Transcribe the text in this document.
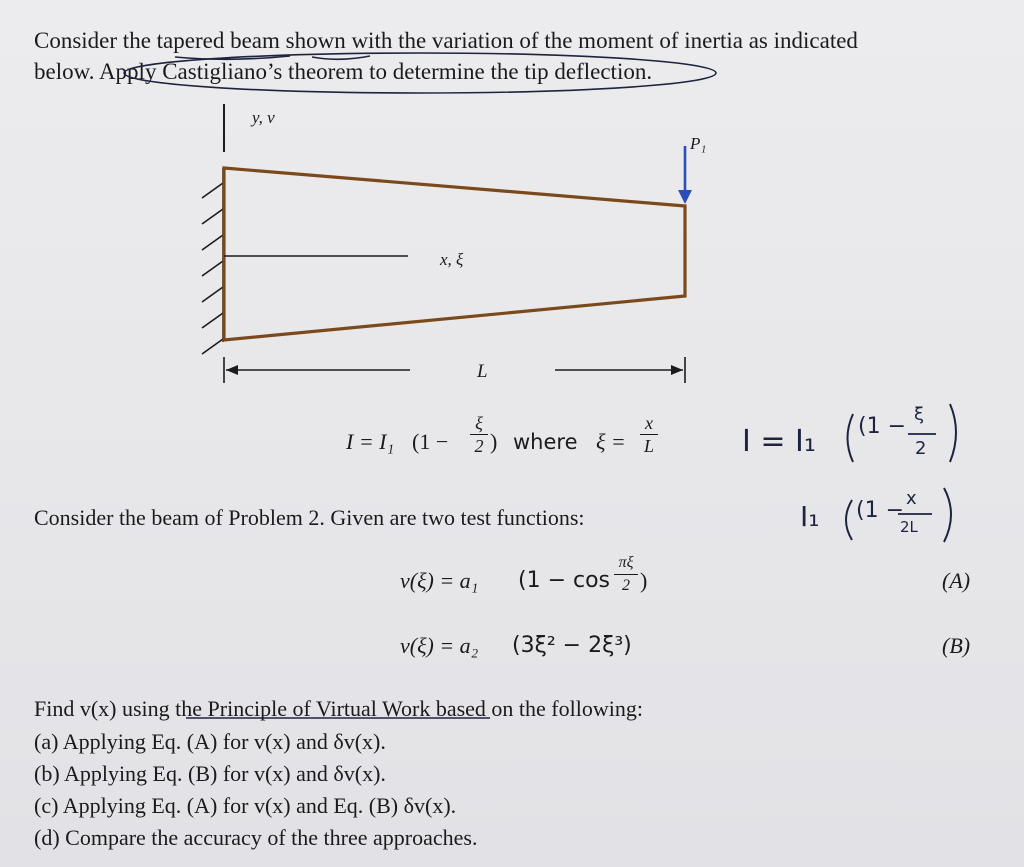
Consider the tapered beam shown with the variation of the moment of inertia as indicated
below. Apply Castigliano’s theorem to determine the tip deflection.
y, v
P₁
x, ξ
L
I = I₁ (1 −
ξ
2 ) where ξ =
x
L	I = I₁ (1 − ξ
2
I₁ (1 − x
2L
Consider the beam of Problem 2. Given are two test functions:
v(ξ) = a₁ (1 − cos
πξ
2 )	(A)
v(ξ) = a₂ (3ξ² − 2ξ³)	(B)
Find v(x) using the Principle of Virtual Work based on the following:
(a) Applying Eq. (A) for v(x) and δv(x).
(b) Applying Eq. (B) for v(x) and δv(x).
(c) Applying Eq. (A) for v(x) and Eq. (B) δv(x).
(d) Compare the accuracy of the three approaches.
